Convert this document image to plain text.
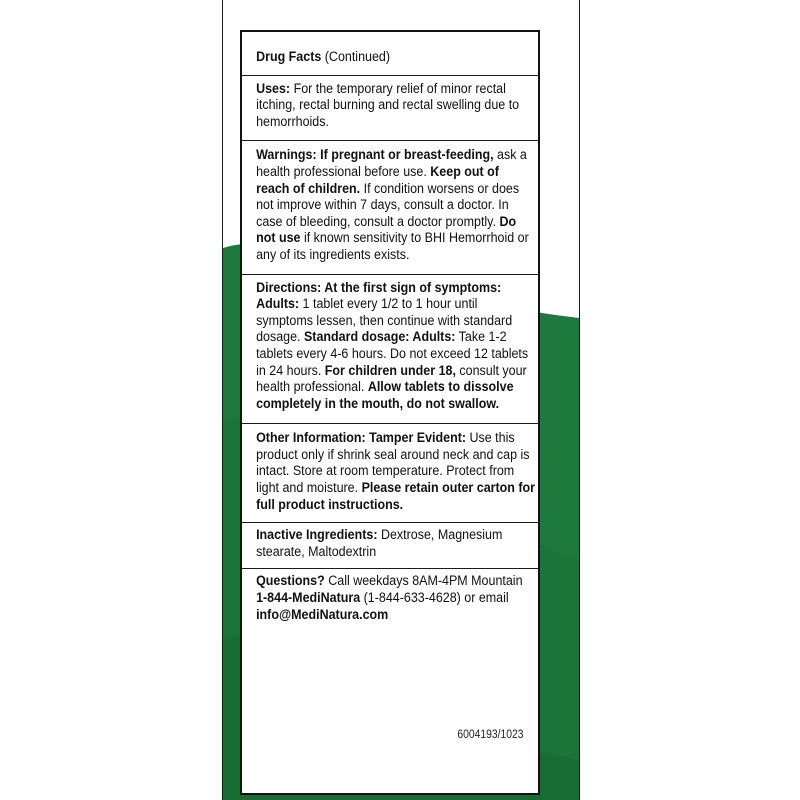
Drug Facts (Continued)
Uses: For the temporary relief of minor rectal itching, rectal burning and rectal swelling due to hemorrhoids.
Warnings: If pregnant or breast-feeding, ask a health professional before use. Keep out of reach of children. If condition worsens or does not improve within 7 days, consult a doctor. In case of bleeding, consult a doctor promptly. Do not use if known sensitivity to BHI Hemorrhoid or any of its ingredients exists.
Directions: At the first sign of symptoms: Adults: 1 tablet every 1/2 to 1 hour until symptoms lessen, then continue with standard dosage. Standard dosage: Adults: Take 1-2 tablets every 4-6 hours. Do not exceed 12 tablets in 24 hours. For children under 18, consult your health professional. Allow tablets to dissolve completely in the mouth, do not swallow.
Other Information: Tamper Evident: Use this product only if shrink seal around neck and cap is intact. Store at room temperature. Protect from light and moisture. Please retain outer carton for full product instructions.
Inactive Ingredients: Dextrose, Magnesium stearate, Maltodextrin
Questions? Call weekdays 8AM-4PM Mountain 1-844-MediNatura (1-844-633-4628) or email info@MediNatura.com
6004193/1023
